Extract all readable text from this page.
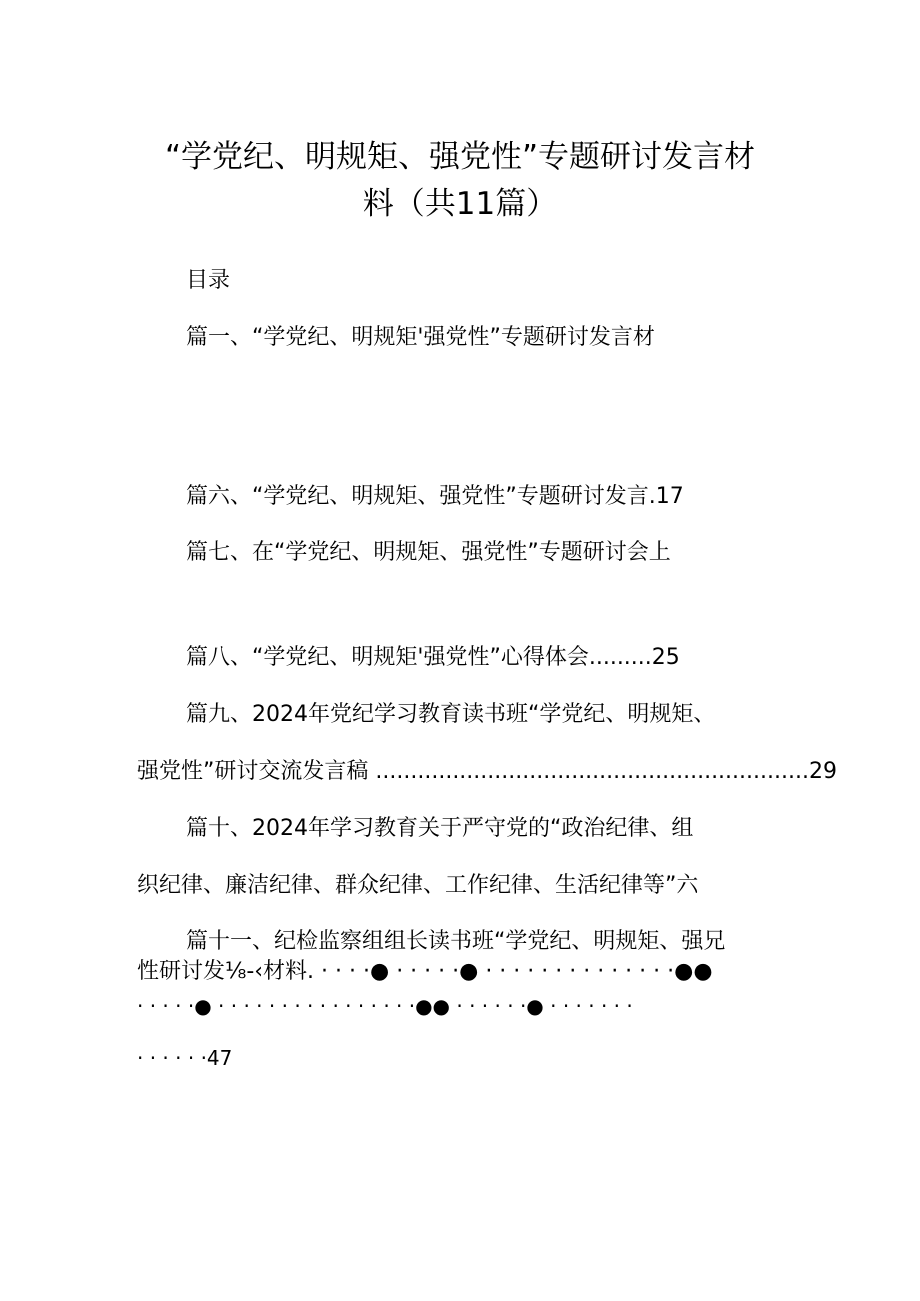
“学党纪、明规矩、强党性”专题研讨发言材
料（共11篇）
目录
篇一、“学党纪、明规矩'强党性”专题研讨发言材
篇六、“学党纪、明规矩、强党性”专题研讨发言.17
篇七、在“学党纪、明规矩、强党性”专题研讨会上
篇八、“学党纪、明规矩'强党性”心得体会.........25
篇九、2024年党纪学习教育读书班“学党纪、明规矩、
强党性”研讨交流发言稿 ..............................................................29
篇十、2024年学习教育关于严守党的“政治纪律、组
织纪律、廉洁纪律、群众纪律、工作纪律、生活纪律等”六
篇十一、纪检监察组组长读书班“学党纪、明规矩、强兄
性研讨发⅛-‹材料. · · · ·● · · · · ·● · · · · · · · · · · · · · ·●●
· · · · ·● · · · · · · · · · · · · · · · ·●● · · · · · ·● · · · · · · ·
· · · · · ·47
